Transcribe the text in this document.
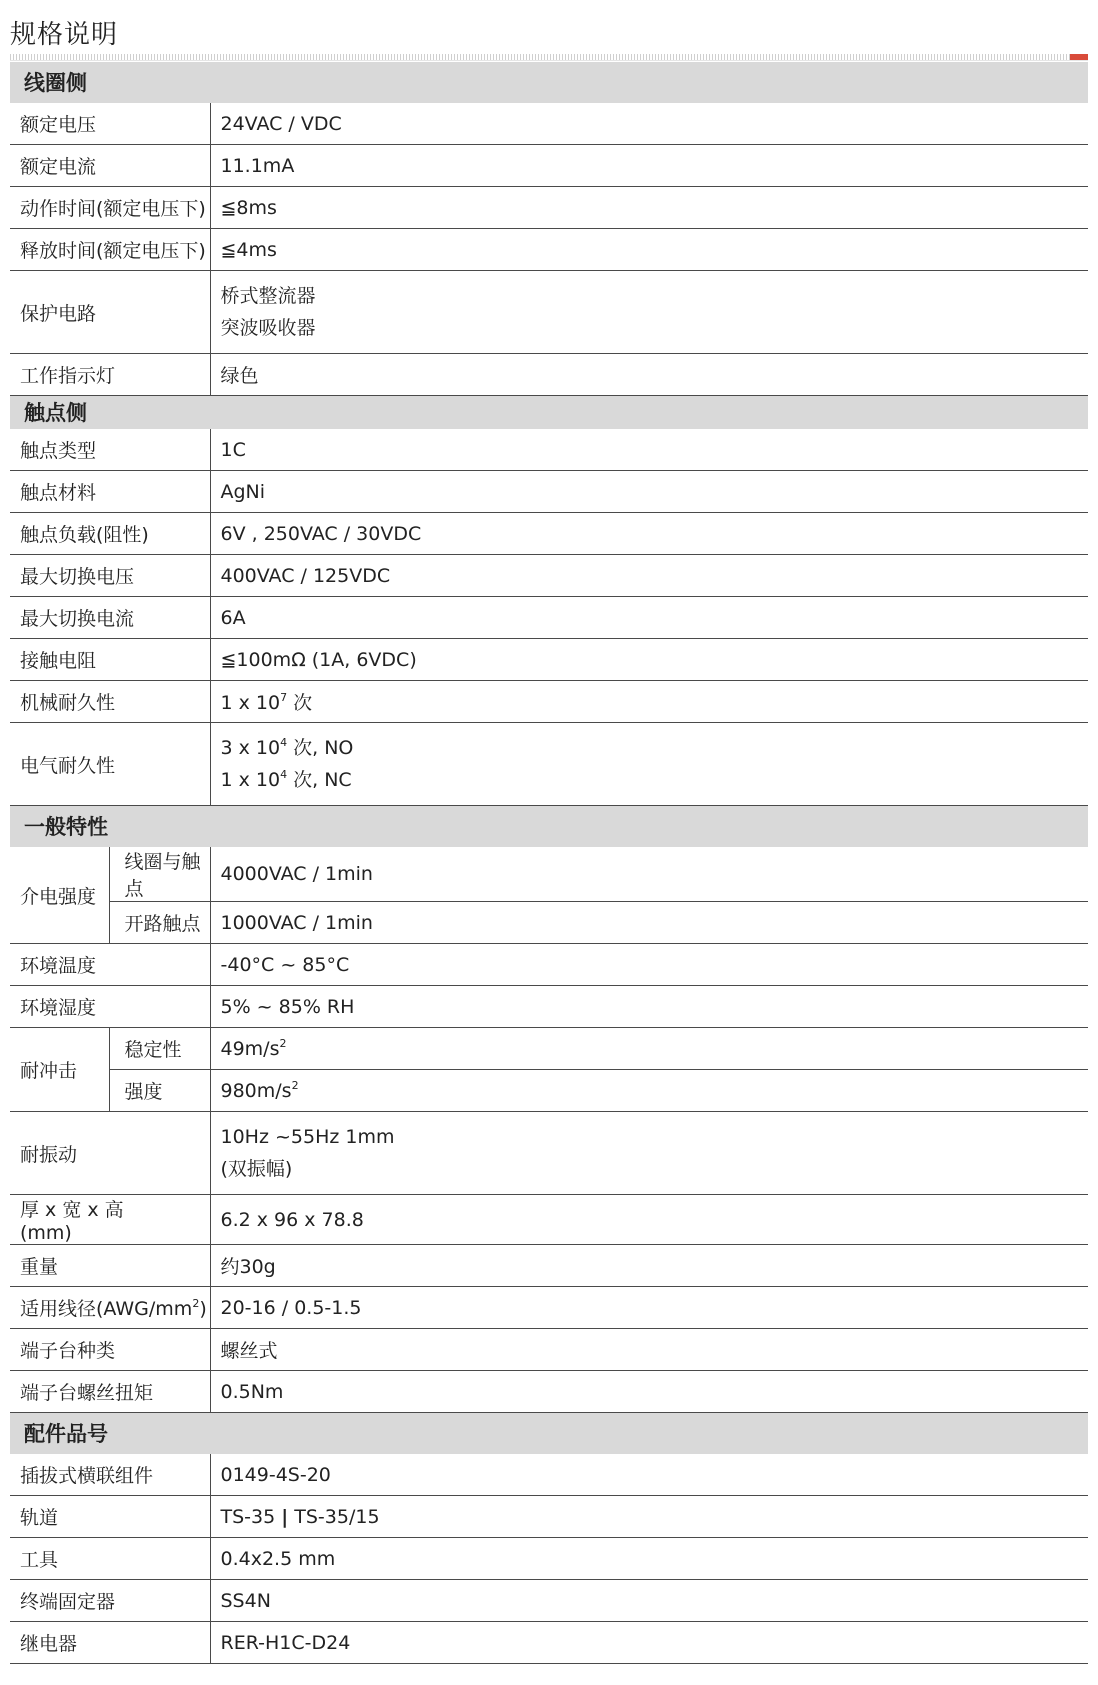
规格说明
线圈侧		
额定电压		24VAC / VDC
额定电流		11.1mA
动作时间(额定电压下)		≦8ms
释放时间(额定电压下)		≦4ms
保护电路		桥式整流器
突波吸收器

工作指示灯		绿色
触点侧		
触点类型		1C
触点材料		AgNi
触点负载(阻性)		6V , 250VAC / 30VDC
最大切换电压		400VAC / 125VDC
最大切换电流		6A
接触电阻		≦100mΩ (1A, 6VDC)
机械耐久性		1 x $10^7$ 次
电气耐久性		3 x $10^4$ 次, NO
1 x $10^4$ 次, NC

一般特性		
介电强度	线圈与触点	4000VAC / 1min
	开路触点	1000VAC / 1min
环境温度		-40°C ~ 85°C
环境湿度		5% ~ 85% RH
耐冲击	稳定性	$49m/s^2$
	强度	$980m/s^2$
耐振动		10Hz ~55Hz 1mm
(双振幅)

厚 x 宽 x 高(mm)		6.2 x 96 x 78.8
重量		约30g
适用线径$(AWG/mm^2)$		20-16 / 0.5-1.5
端子台种类		螺丝式
端子台螺丝扭矩		0.5Nm
配件品号		
插拔式横联组件		0149-4S-20
轨道		TS-35 | TS-35/15
工具		0.4x2.5 mm
终端固定器		SS4N
继电器		RER-H1C-D24
